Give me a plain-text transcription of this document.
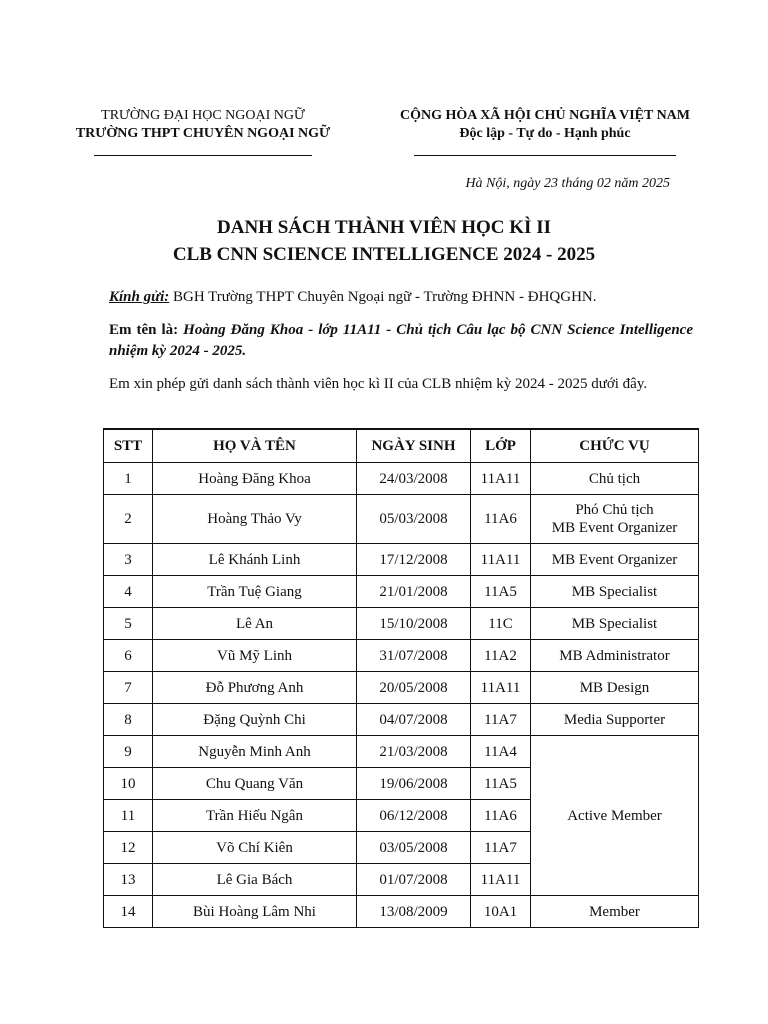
TRƯỜNG ĐẠI HỌC NGOẠI NGỮ
TRƯỜNG THPT CHUYÊN NGOẠI NGỮ
CỘNG HÒA XÃ HỘI CHỦ NGHĨA VIỆT NAM
Độc lập - Tự do - Hạnh phúc
Hà Nội, ngày 23 tháng 02 năm 2025
DANH SÁCH THÀNH VIÊN HỌC KÌ II
CLB CNN SCIENCE INTELLIGENCE 2024 - 2025
Kính gửi: BGH Trường THPT Chuyên Ngoại ngữ - Trường ĐHNN - ĐHQGHN.
Em tên là: Hoàng Đăng Khoa - lớp 11A11 - Chủ tịch Câu lạc bộ CNN Science Intelligence nhiệm kỳ 2024 - 2025.
Em xin phép gửi danh sách thành viên học kì II của CLB nhiệm kỳ 2024 - 2025 dưới đây.
STT	HỌ VÀ TÊN	NGÀY SINH	LỚP	CHỨC VỤ
1	Hoàng Đăng Khoa	24/03/2008	11A11	Chủ tịch
2	Hoàng Thảo Vy	05/03/2008	11A6	Phó Chủ tịch
MB Event Organizer

3	Lê Khánh Linh	17/12/2008	11A11	MB Event Organizer
4	Trần Tuệ Giang	21/01/2008	11A5	MB Specialist
5	Lê An	15/10/2008	11C	MB Specialist
6	Vũ Mỹ Linh	31/07/2008	11A2	MB Administrator
7	Đỗ Phương Anh	20/05/2008	11A11	MB Design
8	Đặng Quỳnh Chi	04/07/2008	11A7	Media Supporter
9	Nguyễn Minh Anh	21/03/2008	11A4	Active Member
10	Chu Quang Văn	19/06/2008	11A5	
11	Trần Hiếu Ngân	06/12/2008	11A6	
12	Võ Chí Kiên	03/05/2008	11A7	
13	Lê Gia Bách	01/07/2008	11A11	
14	Bùi Hoàng Lâm Nhi	13/08/2009	10A1	Member
